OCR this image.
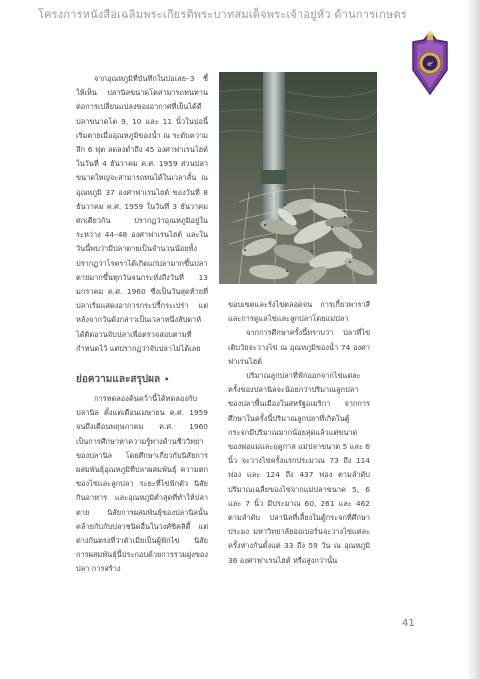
โครงการหนังสือเฉลิมพระเกียรติพระบาทสมเด็จพระเจ้าอยู่หัว ด้านการเกษตร
๙

จากอุณหภูมิที่บันทึกในบ่อเลย–3 ชี้ให้เห็น ปลานิลขนาดโตสามารถทนทานต่อการเปลี่ยนแปลงของอากาศที่เย็นได้ดี ปลาขนาดโต 9, 10 และ 11 นิ้วในบ่อนี้ เริ่มตายเมื่ออุณหภูมิของน้ำ ณ ระดับความลึก 6 ฟุต ลดลงต่ำถึง 45 องศาฟาเรนไฮต์ในวันที่ 4 ธันวาคม ค.ศ. 1959 ส่วนปลาขนาดใหญ่จะสามารถทนได้ในเวลาสั้น ณ อุณหภูมิ 37 องศาฟาเรนไฮต์ ของวันที่ 8 ธันวาคม ค.ศ. 1959 ในวันที่ 3 ธันวาคมศกเดียวกัน ปรากฏว่าอุณหภูมิอยู่ในระหว่าง 44–48 องศาฟาเรนไฮต์ และในวันนี้พบว่ามีปลาตายเป็นจำนวนน้อยทั้งปรากฏว่าโรคราได้เกิดแก่ปลามากขึ้นปลาตายมากขึ้นทุกวันจนกระทั่งถึงวันที่ 13 มกราคม ค.ศ. 1960 ซึ่งเป็นวันสุดท้ายที่ปลาเริ่มแสดงอาการกระปรี้กระเปร่า แต่หลังจากวันดังกล่าวเป็นเวลาหนึ่งสัปดาห์ ได้ติดอวนจับปลาเพื่อตรวจสอบตามที่กำหนดไว้ แต่ปรากฏว่าจับปลาไม่ได้เลย

ย่อความและสรุปผล •

การทดลองค้นคว้านี้ได้ทดลองกับปลานิล ตั้งแต่เดือนเมษายน ค.ศ. 1959 จนถึงเดือนพฤษภาคม ค.ศ. 1960 เป็นการศึกษาหาความรู้ทางด้านชีววิทยาของปลานิล โดยศึกษาเกี่ยวกับนิสัยการผสมพันธุ์อุณหภูมิที่ปลาผสมพันธุ์ ความตกของไข่และลูกปลา ระยะที่ไข่ฟักตัว นิสัยกินอาหาร และอุณหภูมิต่ำสุดที่ทำให้ปลาตาย นิสัยการผสมพันธุ์ของปลานิลนั้นคล้ายกับกับปลาชนิดอื่นในวงศ์ซิคลิดี้ แต่ต่างกันตรงที่ว่าตัวเมียเป็นผู้ฟักไข่ นิสัยการผสมพันธุ์นี้ประกอบด้วยการรวมฝูงของปลา การสร้าง

ขอบเขตและรังไข่ตลอดจน การเกี้ยวพาราสีและการดูแลไข่และลูกปลาโดยแม่ปลา

จากการศึกษาครั้งนี้ทราบว่า ปลาที่ไข่เติบวัยจะวางไข่ ณ อุณหภูมิของน้ำ 74 องศาฟาเรนไฮต์

ปริมาณลูกปลาที่ฟักออกจากไข่แต่ละครั้งของปลานิลจะน้อยกว่าปริมาณลูกปลาของปลาพื้นเมืองในสหรัฐอเมริกา จากการศึกษาในครั้งนี้ปริมาณลูกปลาที่เกิดในตู้กระจกมีปริมาณมากน้อยสุดแล้วแต่ขนาดของพ่อแม่และฤดูกาล แม่ปลาขนาด 5 และ 6 นิ้ว จะวางไข่ครั้งแรกประมาณ 73 ถึง 114 ฟอง และ 124 ถึง 437 ฟอง ตามลำดับ ปริมาณเฉลี่ยของไข่จากแม่ปลาขนาด 5, 6 และ 7 นิ้ว มีประมาณ 60, 261 และ 462 ตามลำดับ ปลานิลที่เลี้ยงในตู้กระจกที่ศึกษาประมง มหาวิทยาลัยออเบอร์นจะวางไข่แต่ละครั้งห่างกันตั้งแต่ 33 ถึง 59 วัน ณ อุณหภูมิ 36 องศาฟาเรนไฮต์ หรือสูงกว่านั้น

41
